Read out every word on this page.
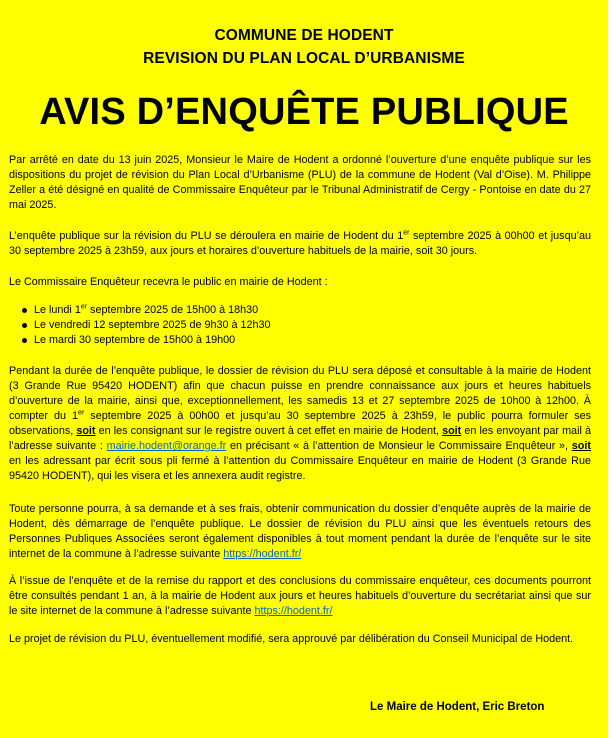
COMMUNE DE HODENT
REVISION DU PLAN LOCAL D’URBANISME
AVIS D’ENQUÊTE PUBLIQUE
Par arrêté en date du 13 juin 2025, Monsieur le Maire de Hodent a ordonné l’ouverture d’une enquête publique sur les dispositions du projet de révision du Plan Local d’Urbanisme (PLU) de la commune de Hodent (Val d’Oise). M. Philippe Zeller a été désigné en qualité de Commissaire Enquêteur par le Tribunal Administratif de Cergy - Pontoise en date du 27 mai 2025.
L’enquête publique sur la révision du PLU se déroulera en mairie de Hodent du 1er septembre 2025 à 00h00 et jusqu’au 30 septembre 2025 à 23h59, aux jours et horaires d’ouverture habituels de la mairie, soit 30 jours.
Le Commissaire Enquêteur recevra le public en mairie de Hodent :
Le lundi 1er septembre 2025 de 15h00 à 18h30
Le vendredi 12 septembre 2025 de 9h30 à 12h30
Le mardi 30 septembre de 15h00 à 19h00
Pendant la durée de l’enquête publique, le dossier de révision du PLU sera déposé et consultable à la mairie de Hodent (3 Grande Rue 95420 HODENT) afin que chacun puisse en prendre connaissance aux jours et heures habituels d’ouverture de la mairie, ainsi que, exceptionnellement, les samedis 13 et 27 septembre 2025 de 10h00 à 12h00. À compter du 1er septembre 2025 à 00h00 et jusqu’au 30 septembre 2025 à 23h59, le public pourra formuler ses observations, soit en les consignant sur le registre ouvert à cet effet en mairie de Hodent, soit en les envoyant par mail à l’adresse suivante : mairie.hodent@orange.fr en précisant « à l’attention de Monsieur le Commissaire Enquêteur », soit en les adressant par écrit sous pli fermé à l’attention du Commissaire Enquêteur en mairie de Hodent (3 Grande Rue 95420 HODENT), qui les visera et les annexera audit registre.
Toute personne pourra, à sa demande et à ses frais, obtenir communication du dossier d’enquête auprès de la mairie de Hodent, dès démarrage de l’enquête publique. Le dossier de révision du PLU ainsi que les éventuels retours des Personnes Publiques Associées seront également disponibles à tout moment pendant la durée de l’enquête sur le site internet de la commune à l’adresse suivante https://hodent.fr/
À l’issue de l’enquête et de la remise du rapport et des conclusions du commissaire enquêteur, ces documents pourront être consultés pendant 1 an, à la mairie de Hodent aux jours et heures habituels d’ouverture du secrétariat ainsi que sur le site internet de la commune à l’adresse suivante https://hodent.fr/
Le projet de révision du PLU, éventuellement modifié, sera approuvé par délibération du Conseil Municipal de Hodent.
Le Maire de Hodent, Eric Breton
